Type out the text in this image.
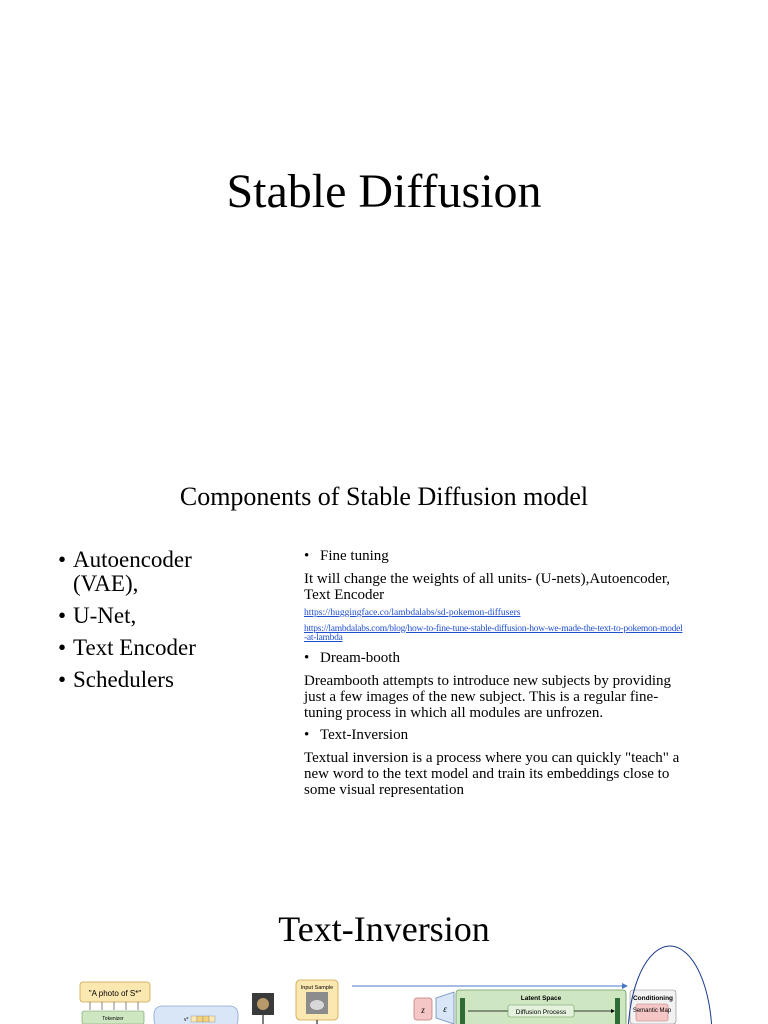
Stable Diffusion
Components of Stable Diffusion model
• Autoencoder (VAE),
• U-Net,
• Text Encoder
• Schedulers
• Fine tuning

It will change the weights of all units- (U-nets),Autoencoder, Text Encoder

https://huggingface.co/lambdalabs/sd-pokemon-diffusers
https://lambdalabs.com/blog/how-to-fine-tune-stable-diffusion-how-we-made-the-text-to-pokemon-model-at-lambda
• Dream-booth

Dreambooth attempts to introduce new subjects by providing just a few images of the new subject. This is a regular fine-tuning process in which all modules are unfrozen.

• Text-Inversion

Textual inversion is a process where you can quickly "teach" a new word to the text model and train its embeddings close to some visual representation

Text-Inversion
"A photo of S*"
Tokenizer	v*
Input Sample
z ε
Latent Space
Diffusion Process
Conditioning
Semantic Map
